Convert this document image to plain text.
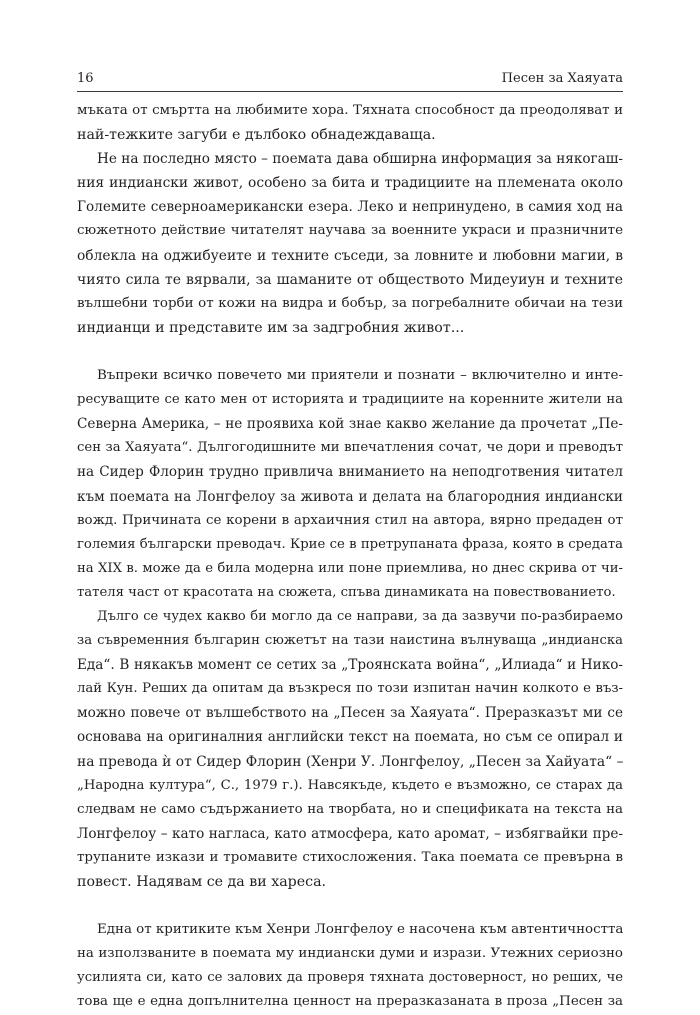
16	Песен за Хаяуата
мъката от смъртта на любимите хора. Тяхната способност да преодоляват и
най-тежките загуби е дълбоко обнадеждаваща.
Не на последно място – поемата дава обширна информация за някогаш-
ния индиански живот, особено за бита и традициите на племената около
Големите северноамерикански езера. Леко и непринудено, в самия ход на
сюжетното действие читателят научава за военните украси и празничните
облекла на оджибуеите и техните съседи, за ловните и любовни магии, в
чиято сила те вярвали, за шаманите от обществото Мидеуиун и техните
вълшебни торби от кожи на видра и бобър, за погребалните обичаи на тези
индианци и представите им за задгробния живот...
Въпреки всичко повечето ми приятели и познати – включително и инте-
ресуващите се като мен от историята и традициите на коренните жители на
Северна Америка, – не проявиха кой знае какво желание да прочетат „Пе-
сен за Хаяуата“. Дългогодишните ми впечатления сочат, че дори и преводът
на Сидер Флорин трудно привлича вниманието на неподготвения читател
към поемата на Лонгфелоу за живота и делата на благородния индиански
вожд. Причината се корени в архаичния стил на автора, вярно предаден от
големия български преводач. Крие се в претрупаната фраза, която в средата
на XIX в. може да е била модерна или поне приемлива, но днес скрива от чи-
тателя част от красотата на сюжета, спъва динамиката на повествованието.
Дълго се чудех какво би могло да се направи, за да зазвучи по-разбираемо
за съвременния българин сюжетът на тази наистина вълнуваща „индианска
Еда“. В някакъв момент се сетих за „Троянската война“, „Илиада“ и Никo-
лай Кун. Реших да опитам да възкреся по този изпитан начин колкото е въз-
можно повече от вълшебството на „Песен за Хаяуата“. Преразказът ми се
основава на оригиналния английски текст на поемата, но съм се опирал и
на превода ѝ от Сидер Флорин (Хенри У. Лонгфелоу, „Песен за Хайуата“ –
„Народна култура“, С., 1979 г.). Навсякъде, където е възможно, се старах да
следвам не само съдържанието на творбата, но и спецификата на текста на
Лонгфелоу – като нагласа, като атмосфера, като аромат, – избягвайки пре-
трупаните изкази и тромавите стихосложения. Така поемата се превърна в
повест. Надявам се да ви хареса.
Една от критиките към Хенри Лонгфелоу е насочена към автентичността
на използваните в поемата му индиански думи и изрази. Утежних сериозно
усилията си, като се залових да проверя тяхната достоверност, но реших, че
това ще е една допълнителна ценност на преразказаната в проза „Песен за
